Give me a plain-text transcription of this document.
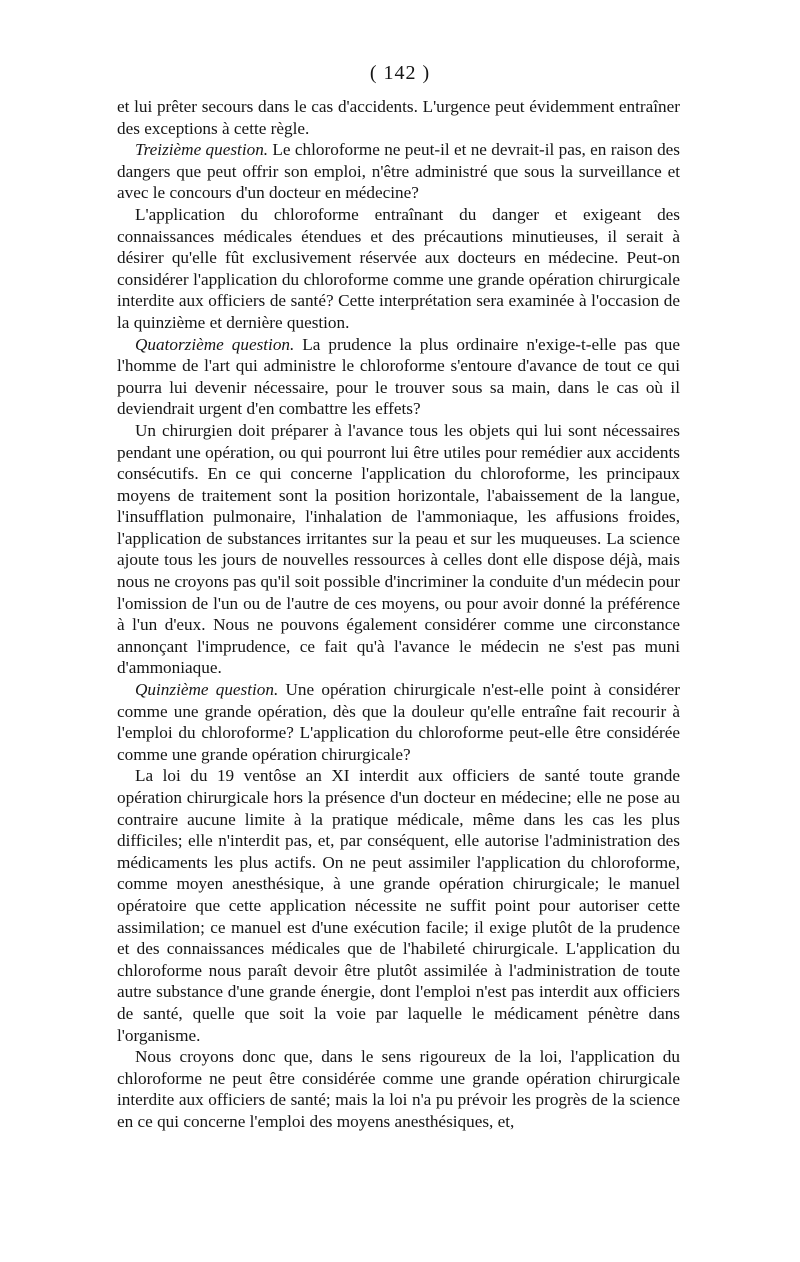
( 142 )

et lui prêter secours dans le cas d'accidents. L'urgence peut évidemment entraîner des exceptions à cette règle.

Treizième question. Le chloroforme ne peut-il et ne devrait-il pas, en raison des dangers que peut offrir son emploi, n'être administré que sous la surveillance et avec le concours d'un docteur en médecine?

L'application du chloroforme entraînant du danger et exigeant des connaissances médicales étendues et des précautions minutieuses, il serait à désirer qu'elle fût exclusivement réservée aux docteurs en médecine. Peut-on considérer l'application du chloroforme comme une grande opération chirurgicale interdite aux officiers de santé? Cette interprétation sera examinée à l'occasion de la quinzième et dernière question.

Quatorzième question. La prudence la plus ordinaire n'exige-t-elle pas que l'homme de l'art qui administre le chloroforme s'entoure d'avance de tout ce qui pourra lui devenir nécessaire, pour le trouver sous sa main, dans le cas où il deviendrait urgent d'en combattre les effets?

Un chirurgien doit préparer à l'avance tous les objets qui lui sont nécessaires pendant une opération, ou qui pourront lui être utiles pour remédier aux accidents consécutifs. En ce qui concerne l'application du chloroforme, les principaux moyens de traitement sont la position horizontale, l'abaissement de la langue, l'insufflation pulmonaire, l'inhalation de l'ammoniaque, les affusions froides, l'application de substances irritantes sur la peau et sur les muqueuses. La science ajoute tous les jours de nouvelles ressources à celles dont elle dispose déjà, mais nous ne croyons pas qu'il soit possible d'incriminer la conduite d'un médecin pour l'omission de l'un ou de l'autre de ces moyens, ou pour avoir donné la préférence à l'un d'eux. Nous ne pouvons également considérer comme une circonstance annonçant l'imprudence, ce fait qu'à l'avance le médecin ne s'est pas muni d'ammoniaque.

Quinzième question. Une opération chirurgicale n'est-elle point à considérer comme une grande opération, dès que la douleur qu'elle entraîne fait recourir à l'emploi du chloroforme? L'application du chloroforme peut-elle être considérée comme une grande opération chirurgicale?

La loi du 19 ventôse an XI interdit aux officiers de santé toute grande opération chirurgicale hors la présence d'un docteur en médecine; elle ne pose au contraire aucune limite à la pratique médicale, même dans les cas les plus difficiles; elle n'interdit pas, et, par conséquent, elle autorise l'administration des médicaments les plus actifs. On ne peut assimiler l'application du chloroforme, comme moyen anesthésique, à une grande opération chirurgicale; le manuel opératoire que cette application nécessite ne suffit point pour autoriser cette assimilation; ce manuel est d'une exécution facile; il exige plutôt de la prudence et des connaissances médicales que de l'habileté chirurgicale. L'application du chloroforme nous paraît devoir être plutôt assimilée à l'administration de toute autre substance d'une grande énergie, dont l'emploi n'est pas interdit aux officiers de santé, quelle que soit la voie par laquelle le médicament pénètre dans l'organisme.

Nous croyons donc que, dans le sens rigoureux de la loi, l'application du chloroforme ne peut être considérée comme une grande opération chirurgicale interdite aux officiers de santé; mais la loi n'a pu prévoir les progrès de la science en ce qui concerne l'emploi des moyens anesthésiques, et,
